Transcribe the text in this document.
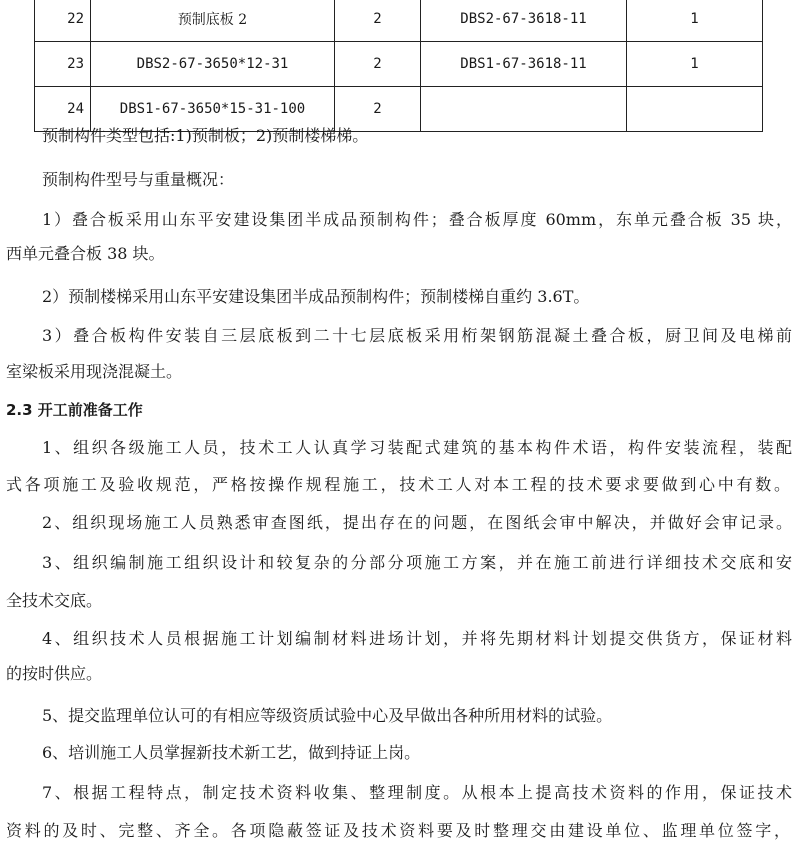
22	预制底板 2	2	DBS2-67-3618-11	1
23	DBS2-67-3650*12-31	2	DBS1-67-3618-11	1
24	DBS1-67-3650*15-31-100	2		
预制构件类型包括:1)预制板；2)预制楼梯梯。
预制构件型号与重量概况：
1）叠合板采用山东平安建设集团半成品预制构件；叠合板厚度 60mm，东单元叠合板 35 块，
西单元叠合板 38 块。
2）预制楼梯采用山东平安建设集团半成品预制构件；预制楼梯自重约 3.6T。
3）叠合板构件安装自三层底板到二十七层底板采用桁架钢筋混凝土叠合板，厨卫间及电梯前
室梁板采用现浇混凝土。
2.3 开工前准备工作
1、组织各级施工人员，技术工人认真学习装配式建筑的基本构件术语，构件安装流程，装配
式各项施工及验收规范，严格按操作规程施工，技术工人对本工程的技术要求要做到心中有数。
2、组织现场施工人员熟悉审查图纸，提出存在的问题，在图纸会审中解决，并做好会审记录。
3、组织编制施工组织设计和较复杂的分部分项施工方案，并在施工前进行详细技术交底和安
全技术交底。
4、组织技术人员根据施工计划编制材料进场计划，并将先期材料计划提交供货方，保证材料
的按时供应。
5、提交监理单位认可的有相应等级资质试验中心及早做出各种所用材料的试验。
6、培训施工人员掌握新技术新工艺，做到持证上岗。
7、根据工程特点，制定技术资料收集、整理制度。从根本上提高技术资料的作用，保证技术
资料的及时、完整、齐全。各项隐蔽签证及技术资料要及时整理交由建设单位、监理单位签字，
